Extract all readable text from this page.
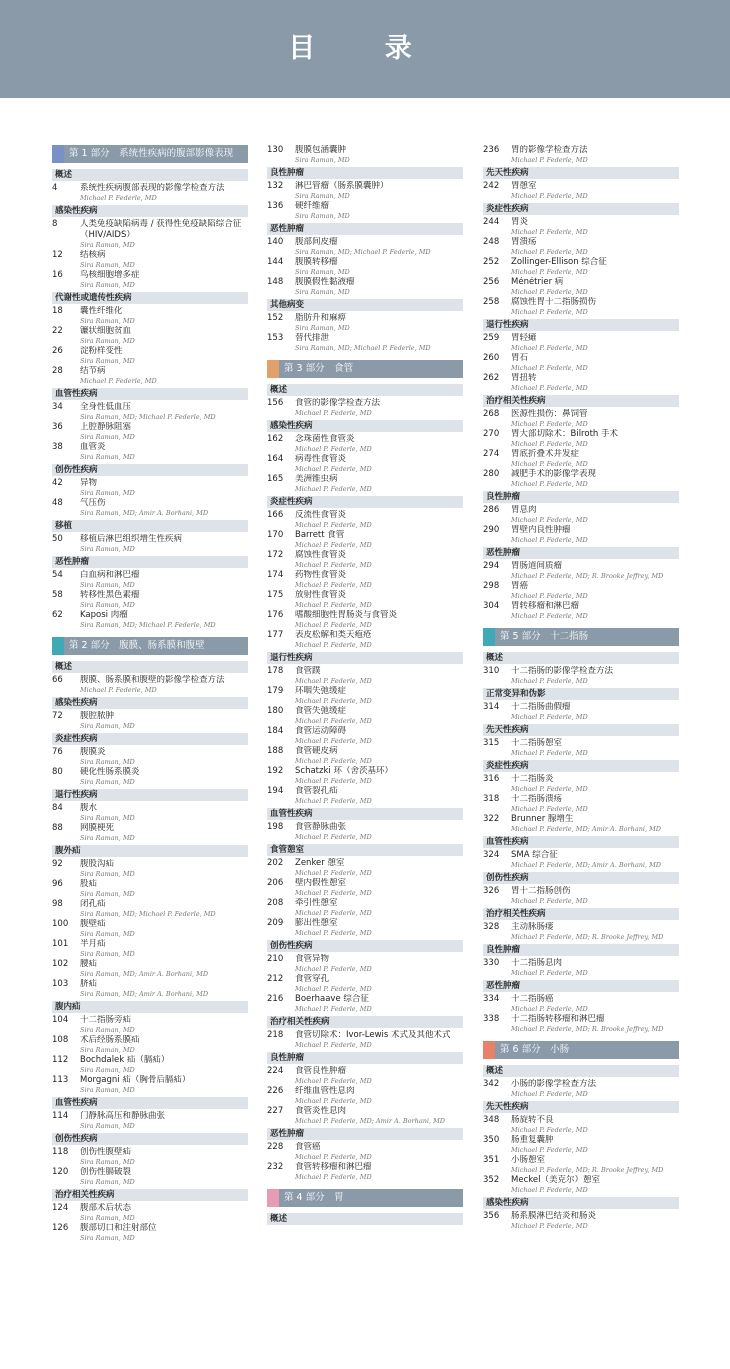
目 录
第 1 部分　系统性疾病的腹部影像表现
概述
4	系统性疾病腹部表现的影像学检查方法
Michael P. Federle, MD
感染性疾病
8	人类免疫缺陷病毒 / 获得性免疫缺陷综合征
（HIV/AIDS）
Sira Raman, MD
12 结核病
Sira Raman, MD
16 鸟核细胞增多症
Sira Raman, MD
代谢性或遗传性疾病
18 囊性纤维化
Sira Raman, MD
22 镰状细胞贫血
Sira Raman, MD
26 淀粉样变性
Sira Raman, MD
28 结节病
Michael P. Federle, MD
血管性疾病
34 全身性低血压
Sira Raman, MD; Michael P. Federle, MD
36 上腔静脉阻塞
Sira Raman, MD
38 血管炎
Sira Raman, MD
创伤性疾病
42 异物
Sira Raman, MD
48 气压伤
Sira Raman, MD; Amir A. Borhani, MD
移植
50 移植后淋巴组织增生性疾病
Sira Raman, MD
恶性肿瘤
54 白血病和淋巴瘤
Sira Raman, MD
58 转移性黑色素瘤
Sira Raman, MD
62 Kaposi 肉瘤
Sira Raman, MD; Michael P. Federle, MD
第 2 部分　腹膜、肠系膜和腹壁
概述
66 腹膜、肠系膜和腹壁的影像学检查方法
Michael P. Federle, MD
感染性疾病
72 腹腔脓肿
Sira Raman, MD
炎症性疾病
76 腹膜炎
Sira Raman, MD
80 硬化性肠系膜炎
Sira Raman, MD
退行性疾病
84 腹水
Sira Raman, MD
88 网膜梗死
Sira Raman, MD
腹外疝
92 腹股沟疝
Sira Raman, MD
96 股疝
Sira Raman, MD
98 闭孔疝
Sira Raman, MD; Michael P. Federle, MD
100 腹壁疝
Sira Raman, MD
101 半月疝
Sira Raman, MD
102 腰疝
Sira Raman, MD; Amir A. Borhani, MD
103 脐疝
Sira Raman, MD; Amir A. Borhani, MD
腹内疝
104 十二指肠旁疝
Sira Raman, MD
108 术后经肠系膜疝
Sira Raman, MD
112 Bochdalek 疝（膈疝）
Sira Raman, MD
113 Morgagni 疝（胸骨后膈疝）
Sira Raman, MD
血管性疾病
114 门静脉高压和静脉曲张
Sira Raman, MD
创伤性疾病
118 创伤性腹壁疝
Sira Raman, MD
120 创伤性膈破裂
Sira Raman, MD
治疗相关性疾病
124 腹部术后状态
Sira Raman, MD
126 腹部切口和注射部位
Sira Raman, MD
130 腹膜包涵囊肿
Sira Raman, MD
良性肿瘤
132 淋巴管瘤（肠系膜囊肿）
Sira Raman, MD
136 硬纤维瘤
Sira Raman, MD
恶性肿瘤
140 腹部间皮瘤
Sira Raman, MD; Michael P. Federle, MD
144 腹膜转移瘤
Sira Raman, MD
148 腹膜假性黏液瘤
Sira Raman, MD
其他病变
152 脂肪升和麻痹
Sira Raman, MD
153 替代排泄
Sira Raman, MD; Michael P. Federle, MD
第 3 部分　食管
概述
156 食管的影像学检查方法
Michael P. Federle, MD
感染性疾病
162 念珠菌性食管炎
Michael P. Federle, MD
164 病毒性食管炎
Michael P. Federle, MD
165 美洲锥虫病
Michael P. Federle, MD
炎症性疾病
166 反流性食管炎
Michael P. Federle, MD
170 Barrett 食管
Michael P. Federle, MD
172 腐蚀性食管炎
Michael P. Federle, MD
174 药物性食管炎
Michael P. Federle, MD
175 放射性食管炎
Michael P. Federle, MD
176 嗜酸细胞性胃肠炎与食管炎
Michael P. Federle, MD
177 表皮松解和类天疱疮
Michael P. Federle, MD
退行性疾病
178 食管蹼
Michael P. Federle, MD
179 环咽失弛缓症
Michael P. Federle, MD
180 食管失弛缓症
Michael P. Federle, MD
184 食管运动障碍
Michael P. Federle, MD
188 食管硬皮病
Michael P. Federle, MD
192 Schatzki 环（舍茨基环）
Michael P. Federle, MD
194 食管裂孔疝
Michael P. Federle, MD
血管性疾病
198 食管静脉曲张
Michael P. Federle, MD
食管憩室
202 Zenker 憩室
Michael P. Federle, MD
206 壁内假性憩室
Michael P. Federle, MD
208 牵引性憩室
Michael P. Federle, MD
209 膨出性憩室
Michael P. Federle, MD
创伤性疾病
210 食管异物
Michael P. Federle, MD
212 食管穿孔
Michael P. Federle, MD
216 Boerhaave 综合征
Michael P. Federle, MD
治疗相关性疾病
218 食管切除术：Ivor-Lewis 术式及其他术式
Michael P. Federle, MD
良性肿瘤
224 食管良性肿瘤
Michael P. Federle, MD
226 纤维血管性息肉
Michael P. Federle, MD
227 食管炎性息肉
Michael P. Federle, MD; Amir A. Borhani, MD
恶性肿瘤
228 食管癌
Michael P. Federle, MD
232 食管转移瘤和淋巴瘤
Michael P. Federle, MD
第 4 部分　胃
概述
236 胃的影像学检查方法
Michael P. Federle, MD
先天性疾病
242 胃憩室
Michael P. Federle, MD
炎症性疾病
244 胃炎
Michael P. Federle, MD
248 胃溃疡
Michael P. Federle, MD
252 Zollinger-Ellison 综合征
Michael P. Federle, MD
256 Ménétrier 病
Michael P. Federle, MD
258 腐蚀性胃十二指肠损伤
Michael P. Federle, MD
退行性疾病
259 胃轻瘫
Michael P. Federle, MD
260 胃石
Michael P. Federle, MD
262 胃扭转
Michael P. Federle, MD
治疗相关性疾病
268 医源性损伤：鼻饲管
Michael P. Federle, MD
270 胃大部切除术：Bilroth 手术
Michael P. Federle, MD
274 胃底折叠术并发症
Michael P. Federle, MD
280 减肥手术的影像学表现
Michael P. Federle, MD
良性肿瘤
286 胃息肉
Michael P. Federle, MD
290 胃壁内良性肿瘤
Michael P. Federle, MD
恶性肿瘤
294 胃肠道间质瘤
Michael P. Federle, MD; R. Brooke Jeffrey, MD
298 胃癌
Michael P. Federle, MD
304 胃转移瘤和淋巴瘤
Michael P. Federle, MD
第 5 部分　十二指肠
概述
310 十二指肠的影像学检查方法
Michael P. Federle, MD
正常变异和伪影
314 十二指肠曲假瘤
Michael P. Federle, MD
先天性疾病
315 十二指肠憩室
Michael P. Federle, MD
炎症性疾病
316 十二指肠炎
Michael P. Federle, MD
318 十二指肠溃疡
Michael P. Federle, MD
322 Brunner 腺增生
Michael P. Federle, MD; Amir A. Borhani, MD
血管性疾病
324 SMA 综合征
Michael P. Federle, MD; Amir A. Borhani, MD
创伤性疾病
326 胃十二指肠创伤
Michael P. Federle, MD
治疗相关性疾病
328 主动脉肠瘘
Michael P. Federle, MD; R. Brooke Jeffrey, MD
良性肿瘤
330 十二指肠息肉
Michael P. Federle, MD
恶性肿瘤
334 十二指肠癌
Michael P. Federle, MD
338 十二指肠转移瘤和淋巴瘤
Michael P. Federle, MD; R. Brooke Jeffrey, MD
第 6 部分　小肠
概述
342 小肠的影像学检查方法
Michael P. Federle, MD
先天性疾病
348 肠旋转不良
Michael P. Federle, MD
350 肠重复囊肿
Michael P. Federle, MD
351 小肠憩室
Michael P. Federle, MD; R. Brooke Jeffrey, MD
352 Meckel（美克尔）憩室
Michael P. Federle, MD
感染性疾病
356 肠系膜淋巴结炎和肠炎
Michael P. Federle, MD
